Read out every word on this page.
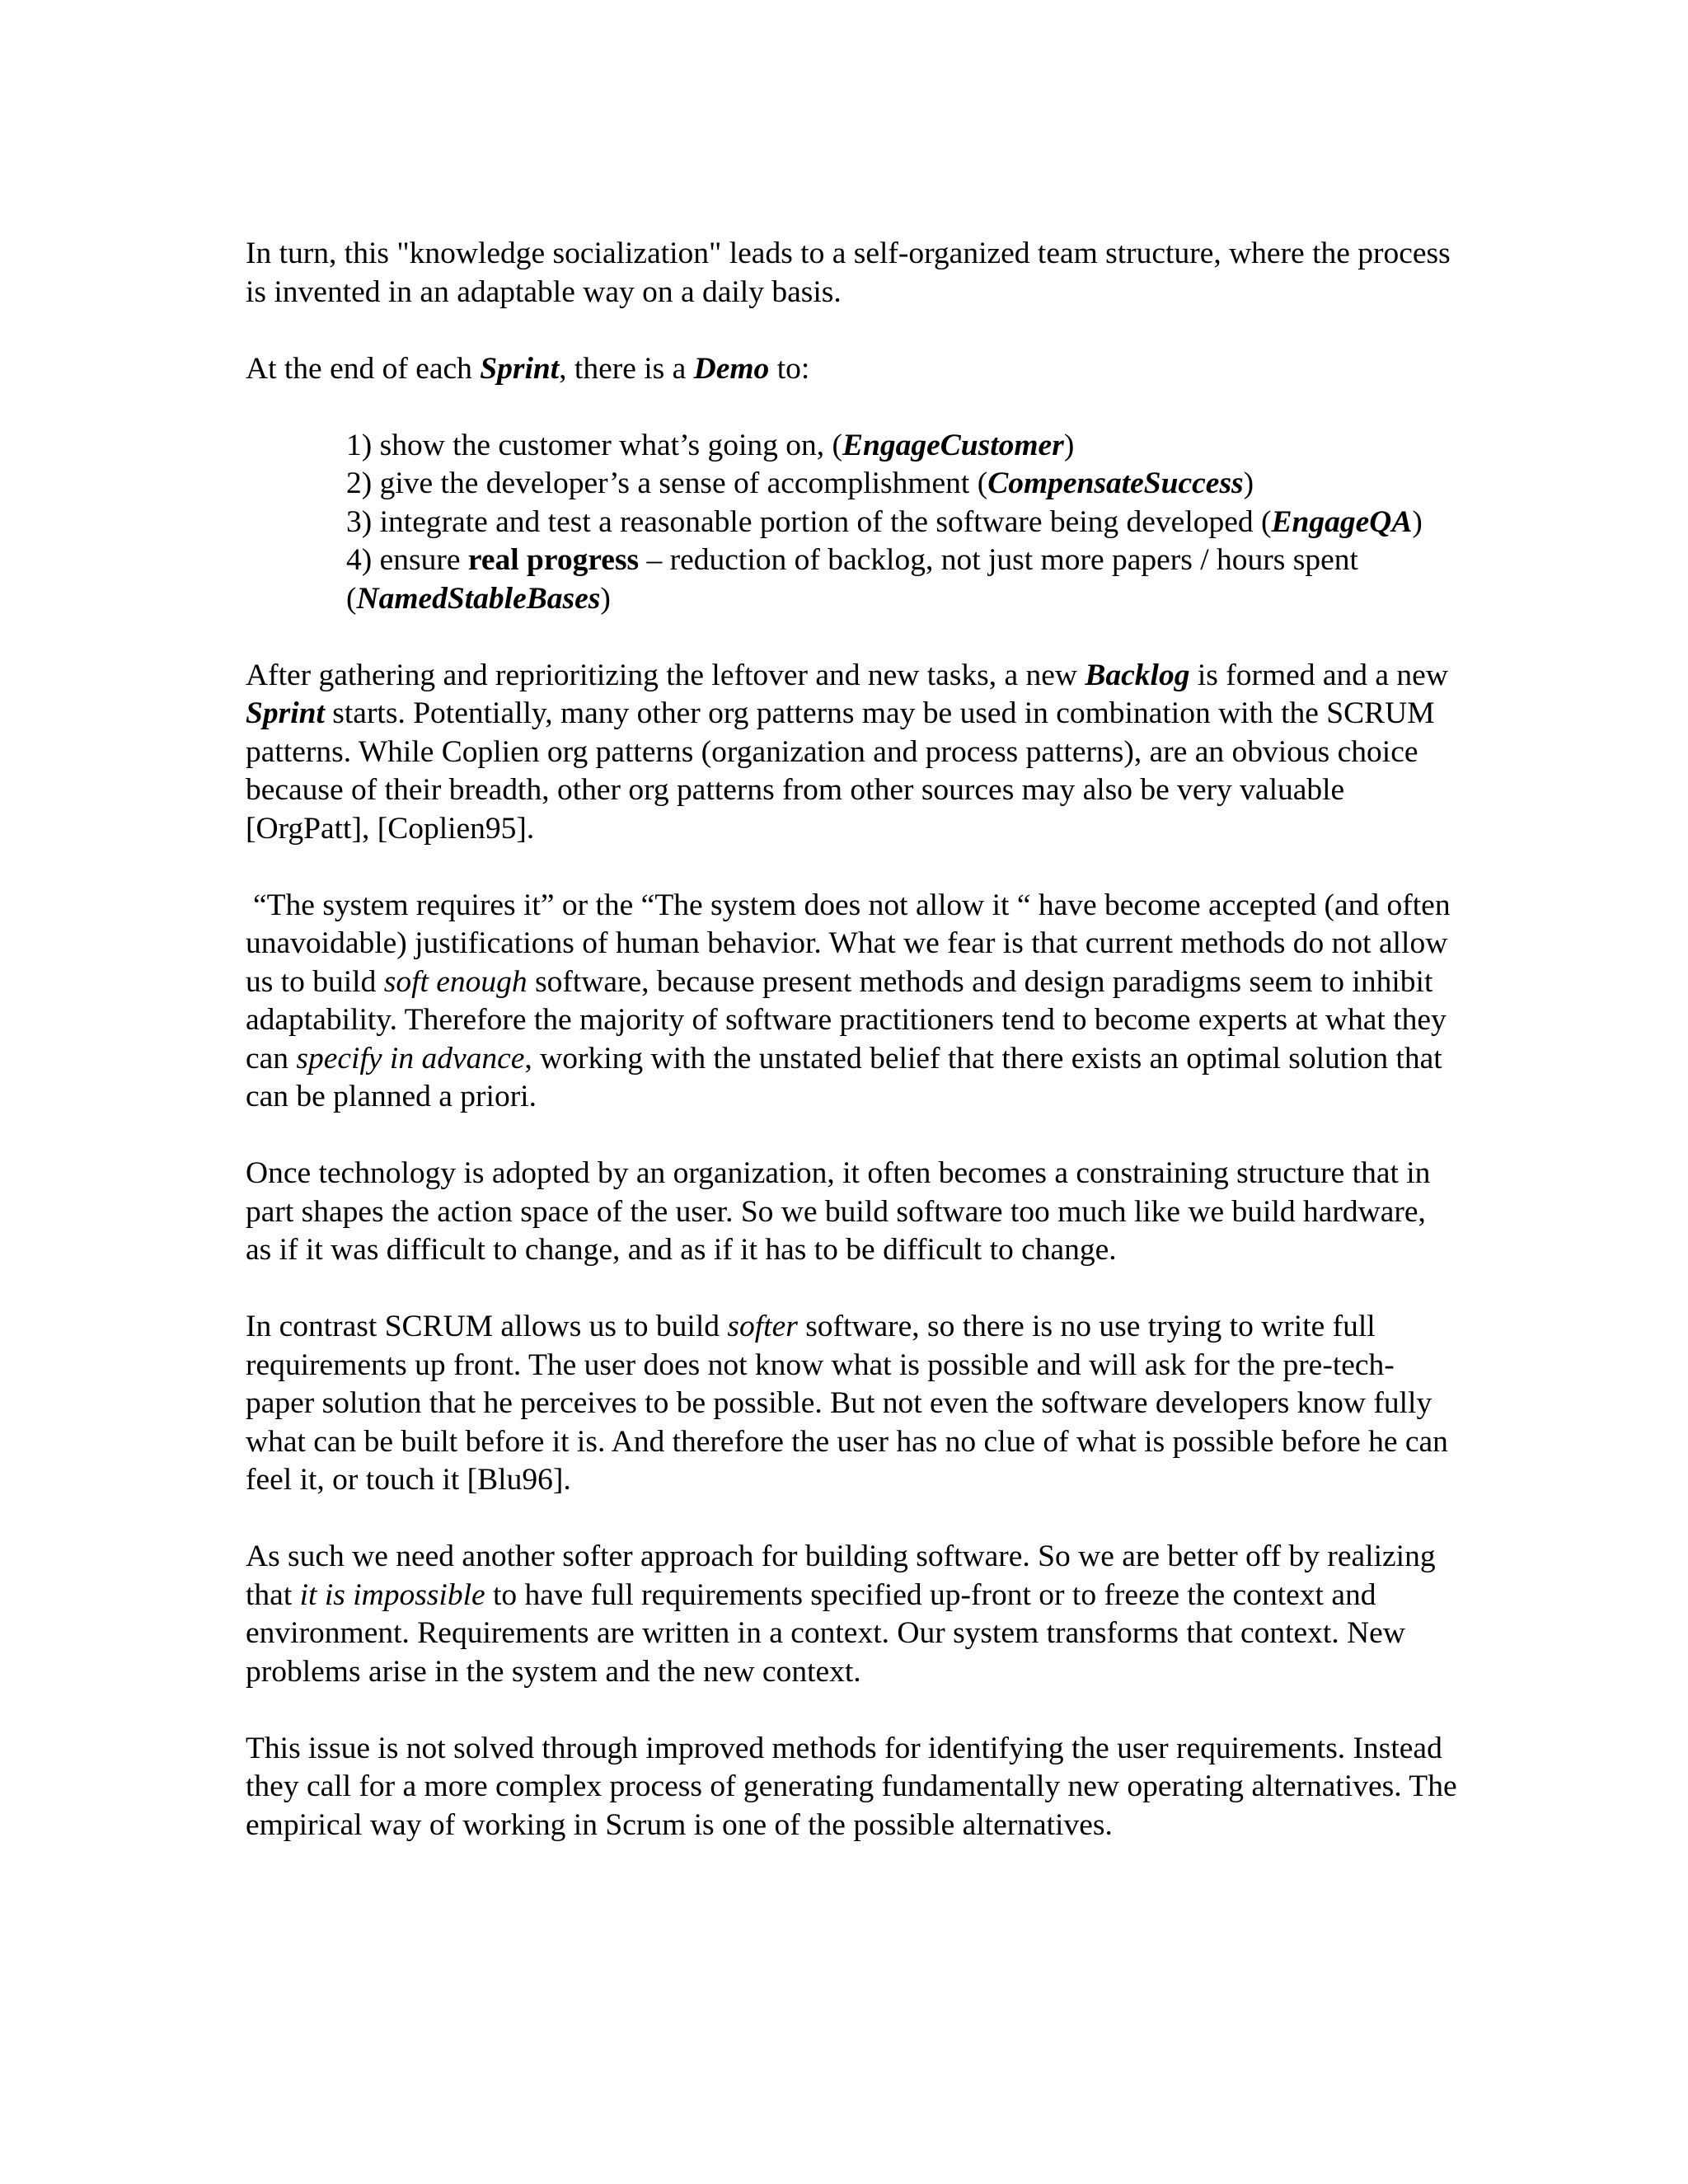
In turn, this "knowledge socialization" leads to a self-organized team structure, where the process is invented in an adaptable way on a daily basis.

At the end of each Sprint, there is a Demo to:

1) show the customer what’s going on, (EngageCustomer)
2) give the developer’s a sense of accomplishment (CompensateSuccess)
3) integrate and test a reasonable portion of the software being developed (EngageQA)
4) ensure real progress – reduction of backlog, not just more papers / hours spent (NamedStableBases)

After gathering and reprioritizing the leftover and new tasks, a new Backlog is formed and a new Sprint starts. Potentially, many other org patterns may be used in combination with the SCRUM patterns. While Coplien org patterns (organization and process patterns), are an obvious choice because of their breadth, other org patterns from other sources may also be very valuable [OrgPatt], [Coplien95].

“The system requires it” or the “The system does not allow it “ have become accepted (and often unavoidable) justifications of human behavior. What we fear is that current methods do not allow us to build soft enough software, because present methods and design paradigms seem to inhibit adaptability. Therefore the majority of software practitioners tend to become experts at what they can specify in advance, working with the unstated belief that there exists an optimal solution that can be planned a priori.

Once technology is adopted by an organization, it often becomes a constraining structure that in part shapes the action space of the user. So we build software too much like we build hardware, as if it was difficult to change, and as if it has to be difficult to change.

In contrast SCRUM allows us to build softer software, so there is no use trying to write full requirements up front. The user does not know what is possible and will ask for the pre-tech-paper solution that he perceives to be possible. But not even the software developers know fully what can be built before it is. And therefore the user has no clue of what is possible before he can feel it, or touch it [Blu96].

As such we need another softer approach for building software. So we are better off by realizing that it is impossible to have full requirements specified up-front or to freeze the context and environment. Requirements are written in a context. Our system transforms that context. New problems arise in the system and the new context.

This issue is not solved through improved methods for identifying the user requirements. Instead they call for a more complex process of generating fundamentally new operating alternatives. The empirical way of working in Scrum is one of the possible alternatives.
